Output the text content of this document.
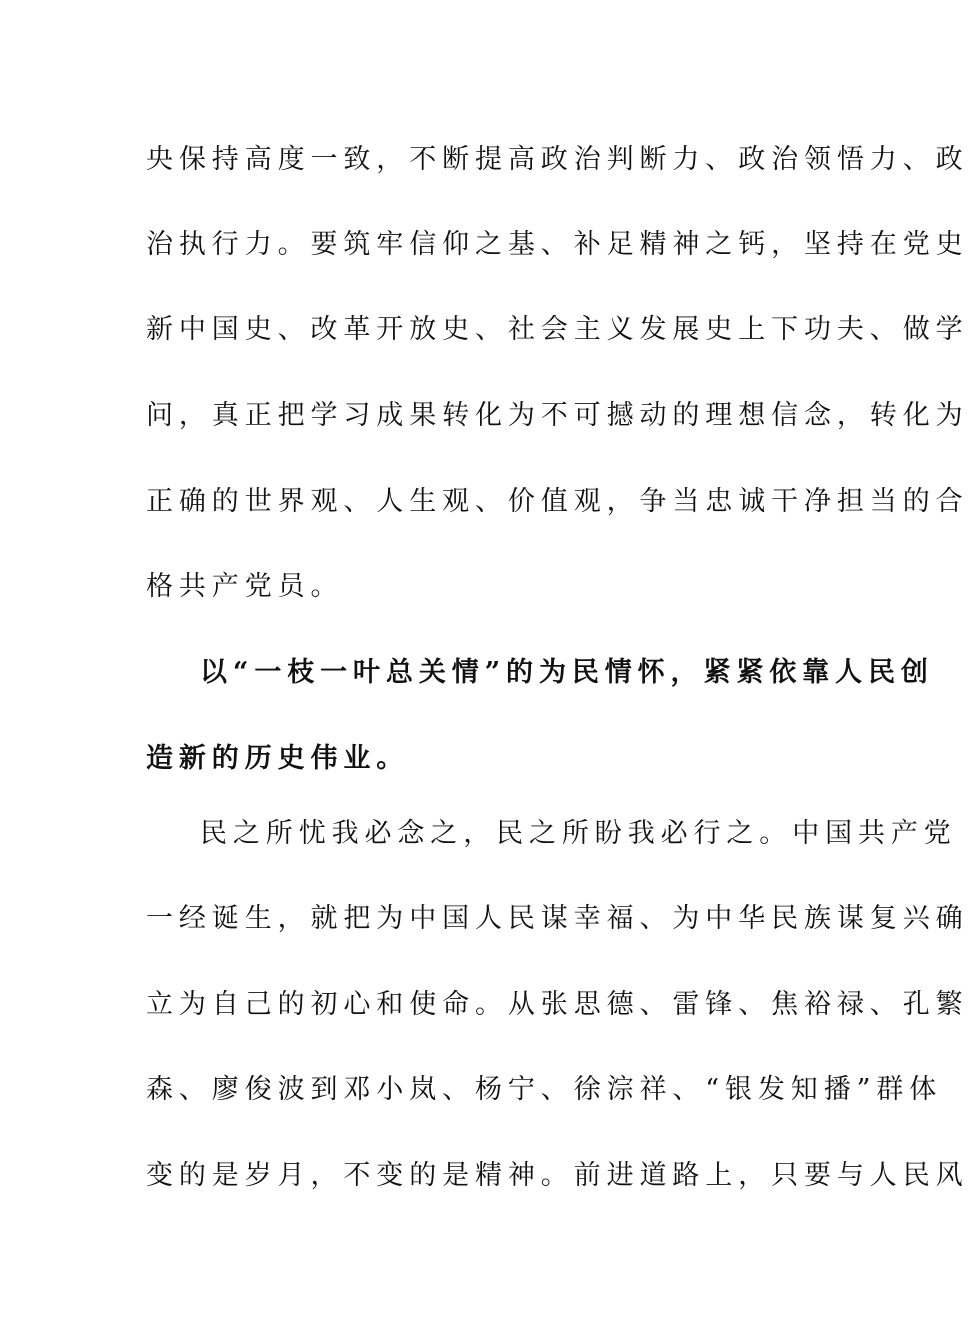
央保持高度一致，不断提高政治判断力、政治领悟力、政
治执行力。要筑牢信仰之基、补足精神之钙，坚持在党史
新中国史、改革开放史、社会主义发展史上下功夫、做学
问，真正把学习成果转化为不可撼动的理想信念，转化为
正确的世界观、人生观、价值观，争当忠诚干净担当的合
格共产党员。
以“一枝一叶总关情”的为民情怀，紧紧依靠人民创
造新的历史伟业。
民之所忧我必念之，民之所盼我必行之。中国共产党
一经诞生，就把为中国人民谋幸福、为中华民族谋复兴确
立为自己的初心和使命。从张思德、雷锋、焦裕禄、孔繁
森、廖俊波到邓小岚、杨宁、徐淙祥、“银发知播”群体
变的是岁月，不变的是精神。前进道路上，只要与人民风
